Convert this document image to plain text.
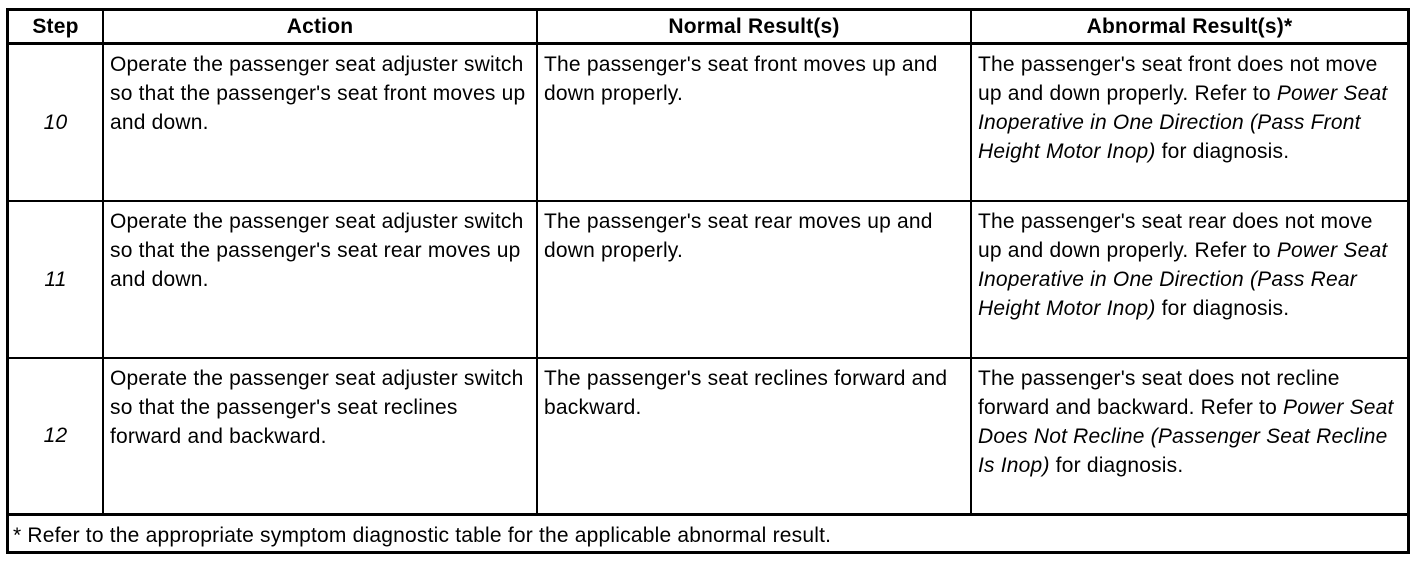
Step	Action	Normal Result(s)	Abnormal Result(s)*
10	Operate the passenger seat adjuster switch so that the passenger's seat front moves up and down.	The passenger's seat front moves up and down properly.	The passenger's seat front does not move up and down properly. Refer to Power Seat Inoperative in One Direction (Pass Front Height Motor Inop) for diagnosis.
11	Operate the passenger seat adjuster switch so that the passenger's seat rear moves up and down.	The passenger's seat rear moves up and down properly.	The passenger's seat rear does not move up and down properly. Refer to Power Seat Inoperative in One Direction (Pass Rear Height Motor Inop) for diagnosis.
12	Operate the passenger seat adjuster switch so that the passenger's seat reclines forward and backward.	The passenger's seat reclines forward and backward.	The passenger's seat does not recline forward and backward. Refer to Power Seat Does Not Recline (Passenger Seat Recline Is Inop) for diagnosis.
* Refer to the appropriate symptom diagnostic table for the applicable abnormal result.			
